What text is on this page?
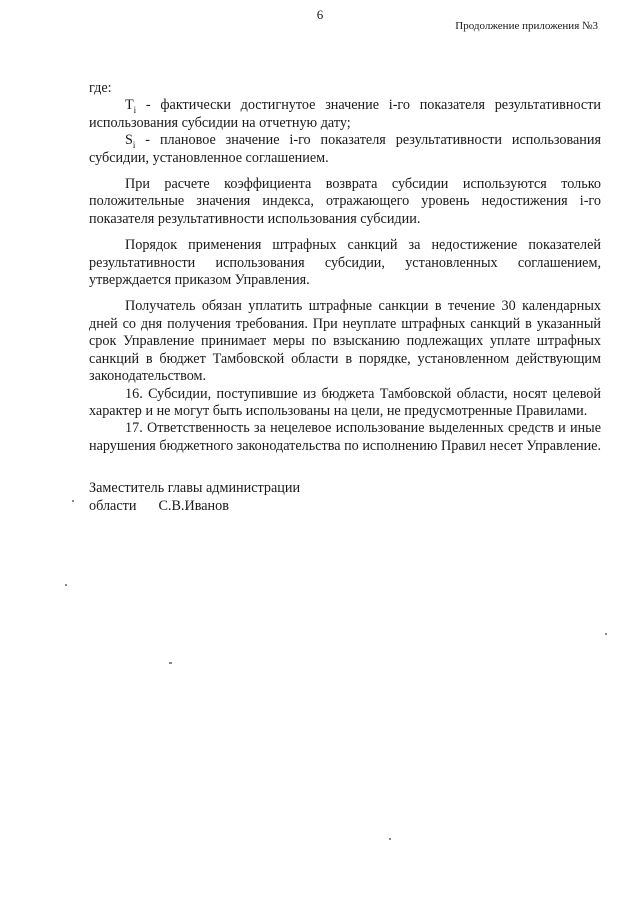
6
Продолжение приложения №3

где:

$T_i$ - фактически достигнутое значение i-го показателя результативности использования субсидии на отчетную дату;

$S_i$ - плановое значение i-го показателя результативности использования субсидии, установленное соглашением.

При расчете коэффициента возврата субсидии используются только положительные значения индекса, отражающего уровень недостижения i-го показателя результативности использования субсидии.

Порядок применения штрафных санкций за недостижение показателей результативности использования субсидии, установленных соглашением, утверждается приказом Управления.

Получатель обязан уплатить штрафные санкции в течение 30 календарных дней со дня получения требования. При неуплате штрафных санкций в указанный срок Управление принимает меры по взысканию подлежащих уплате штрафных санкций в бюджет Тамбовской области в порядке, установленном действующим законодательством.

16. Субсидии, поступившие из бюджета Тамбовской области, носят целевой характер и не могут быть использованы на цели, не предусмотренные Правилами.

17. Ответственность за нецелевое использование выделенных средств и иные нарушения бюджетного законодательства по исполнению Правил несет Управление.

Заместитель главы администрации
области С.В.Иванов
